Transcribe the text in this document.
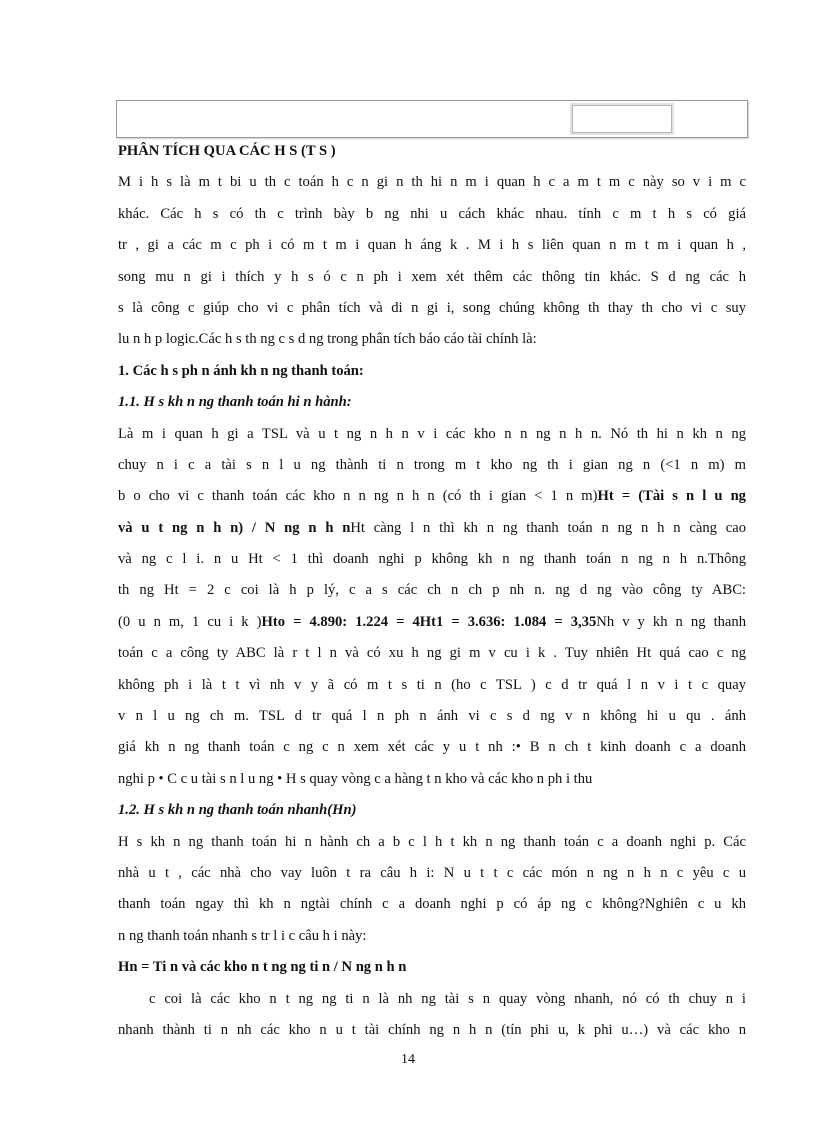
PHÂN TÍCH QUA CÁC H S (T S )
M i h s là m t bi u th c toán h c n gi n th hi n m i quan h c a m t m c này so v i m c
khác. Các h s có th c trình bày b ng nhi u cách khác nhau. tính c m t h s có giá
tr , gi a các m c ph i có m t m i quan h áng k . M i h s liên quan n m t m i quan h ,
song mu n gi i thích y h s ó c n ph i xem xét thêm các thông tin khác. S d ng các h
s là công c giúp cho vi c phân tích và di n gi i, song chúng không th thay th cho vi c suy
lu n h p logic.Các h s th ng c s d ng trong phân tích báo cáo tài chính là:
1. Các h s ph n ánh kh n ng thanh toán:
1.1. H s kh n ng thanh toán hi n hành:
Là m i quan h gi a TSL và u t ng n h n v i các kho n n ng n h n. Nó th hi n kh n ng
chuy n i c a tài s n l u ng thành ti n trong m t kho ng th i gian ng n (<1 n m) m
b o cho vi c thanh toán các kho n n ng n h n (có th i gian < 1 n m)Ht = (Tài s n l u ng
và u t ng n h n) / N ng n h nHt càng l n thì kh n ng thanh toán n ng n h n càng cao
và ng c l i. n u Ht < 1 thì doanh nghi p không kh n ng thanh toán n ng n h n.Thông
th ng Ht = 2 c coi là h p lý, c a s các ch n ch p nh n. ng d ng vào công ty ABC:
(0 u n m, 1 cu i k )Hto = 4.890: 1.224 = 4Ht1 = 3.636: 1.084 = 3,35Nh v y kh n ng thanh
toán c a công ty ABC là r t l n và có xu h ng gi m v cu i k . Tuy nhiên Ht quá cao c ng
không ph i là t t vì nh v y ã có m t s ti n (ho c TSL ) c d tr quá l n v i t c quay
v n l u ng ch m. TSL d tr quá l n ph n ánh vi c s d ng v n không hi u qu . ánh
giá kh n ng thanh toán c ng c n xem xét các y u t nh :• B n ch t kinh doanh c a doanh
nghi p • C c u tài s n l u ng • H s quay vòng c a hàng t n kho và các kho n ph i thu
1.2. H s kh n ng thanh toán nhanh(Hn)
H s kh n ng thanh toán hi n hành ch a b c l h t kh n ng thanh toán c a doanh nghi p. Các
nhà u t , các nhà cho vay luôn t ra câu h i: N u t t c các món n ng n h n c yêu c u
thanh toán ngay thì kh n ngtài chính c a doanh nghi p có áp ng c không?Nghiên c u kh
n ng thanh toán nhanh s tr l i c câu h i này:
Hn = Ti n và các kho n t ng ng ti n / N ng n h n
c coi là các kho n t ng ng ti n là nh ng tài s n quay vòng nhanh, nó có th chuy n i
nhanh thành ti n nh các kho n u t tài chính ng n h n (tín phi u, k phi u…) và các kho n
14
